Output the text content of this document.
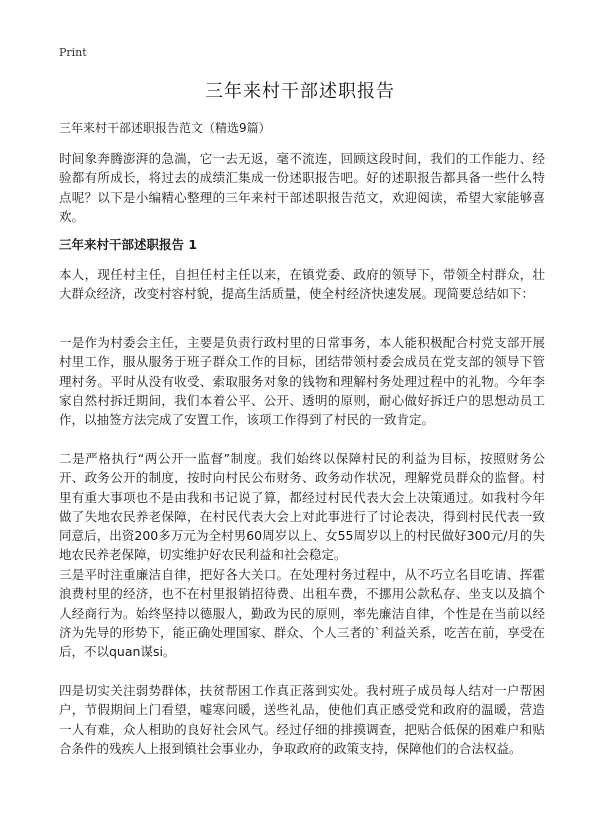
Print
三年来村干部述职报告
三年来村干部述职报告范文（精选9篇）

时间象奔腾澎湃的急湍，它一去无返，毫不流连，回顾这段时间，我们的工作能力、经验都有所成长，将过去的成绩汇集成一份述职报告吧。好的述职报告都具备一些什么特点呢？以下是小编精心整理的三年来村干部述职报告范文，欢迎阅读，希望大家能够喜欢。

三年来村干部述职报告 1

本人，现任村主任，自担任村主任以来，在镇党委、政府的领导下，带领全村群众，壮大群众经济，改变村容村貌，提高生活质量，使全村经济快速发展。现简要总结如下：

一是作为村委会主任，主要是负责行政村里的日常事务，本人能积极配合村党支部开展村里工作，服从服务于班子群众工作的目标，团结带领村委会成员在党支部的领导下管理村务。平时从没有收受、索取服务对象的钱物和理解村务处理过程中的礼物。今年李家自然村拆迁期间，我们本着公平、公开、透明的原则，耐心做好拆迁户的思想动员工作，以抽签方法完成了安置工作，该项工作得到了村民的一致肯定。

二是严格执行“两公开一监督”制度。我们始终以保障村民的利益为目标，按照财务公开、政务公开的制度，按时向村民公布财务、政务动作状况，理解党员群众的监督。村里有重大事项也不是由我和书记说了算，都经过村民代表大会上决策通过。如我村今年做了失地农民养老保障，在村民代表大会上对此事进行了讨论表决，得到村民代表一致同意后，出资200多万元为全村男60周岁以上、女55周岁以上的村民做好300元/月的失地农民养老保障，切实维护好农民利益和社会稳定。

三是平时注重廉洁自律，把好各大关口。在处理村务过程中，从不巧立名目吃请、挥霍浪费村里的经济，也不在村里报销招待费、出租车费，不挪用公款私存、坐支以及搞个人经商行为。始终坚持以德服人，勤政为民的原则，率先廉洁自律，个性是在当前以经济为先导的形势下，能正确处理国家、群众、个人三者的`利益关系，吃苦在前，享受在后，不以quan谋si。

四是切实关注弱势群体，扶贫帮困工作真正落到实处。我村班子成员每人结对一户帮困户，节假期间上门看望，嘘寒问暖，送些礼品，使他们真正感受党和政府的温暖，营造一人有难，众人相助的良好社会风气。经过仔细的排摸调查，把贴合低保的困难户和贴合条件的残疾人上报到镇社会事业办，争取政府的政策支持，保障他们的合法权益。
